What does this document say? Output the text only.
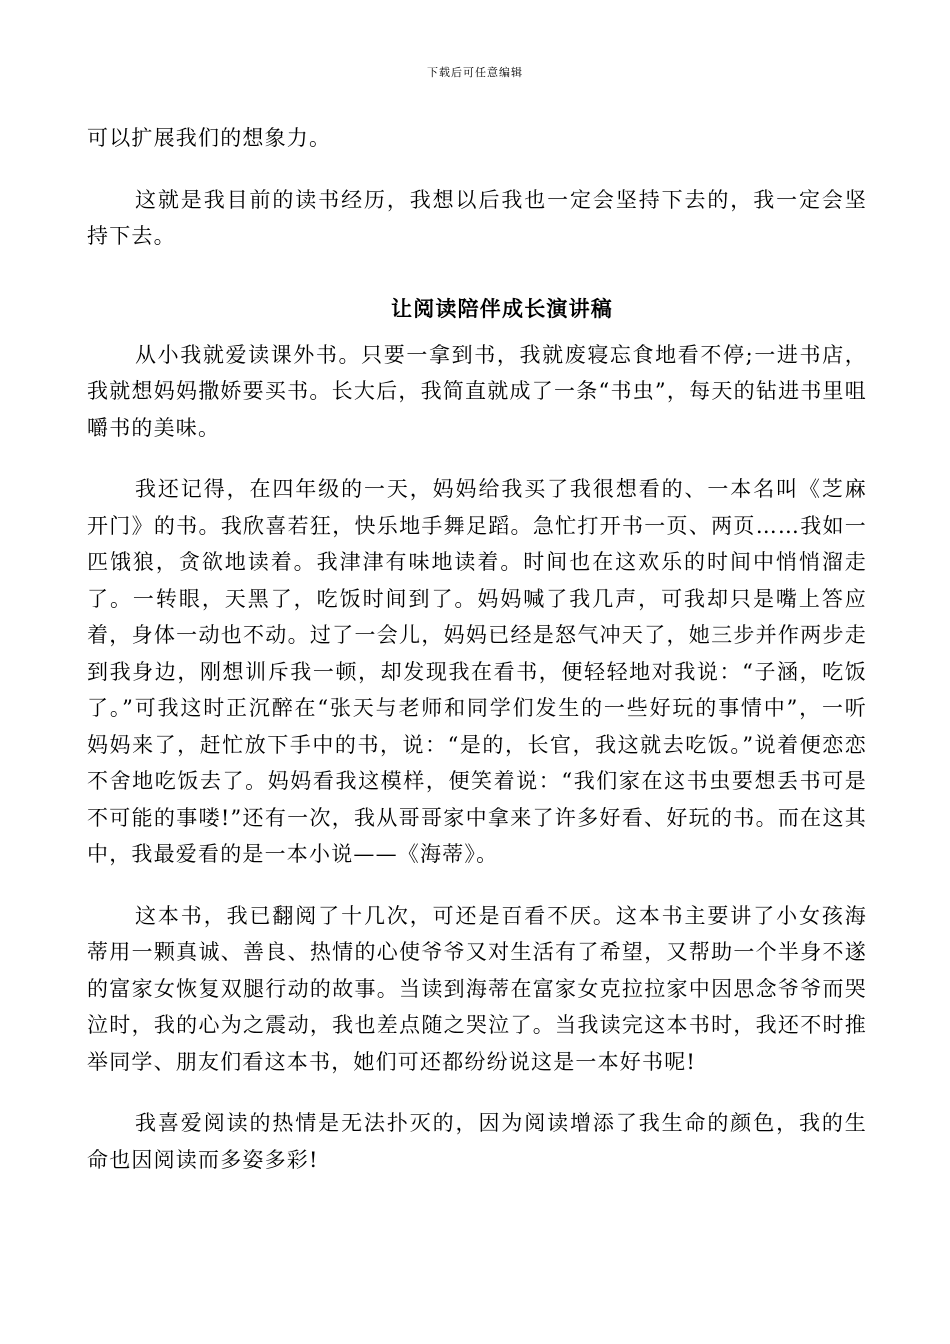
下载后可任意编辑

可以扩展我们的想象力。

这就是我目前的读书经历，我想以后我也一定会坚持下去的，我一定会坚持下去。

让阅读陪伴成长演讲稿

从小我就爱读课外书。只要一拿到书，我就废寝忘食地看不停;一进书店，我就想妈妈撒娇要买书。长大后，我简直就成了一条“书虫”，每天的钻进书里咀嚼书的美味。

我还记得，在四年级的一天，妈妈给我买了我很想看的、一本名叫《芝麻开门》的书。我欣喜若狂，快乐地手舞足蹈。急忙打开书一页、两页……我如一匹饿狼，贪欲地读着。我津津有味地读着。时间也在这欢乐的时间中悄悄溜走了。一转眼，天黑了，吃饭时间到了。妈妈喊了我几声，可我却只是嘴上答应着，身体一动也不动。过了一会儿，妈妈已经是怒气冲天了，她三步并作两步走到我身边，刚想训斥我一顿，却发现我在看书，便轻轻地对我说：“子涵，吃饭了。”可我这时正沉醉在“张天与老师和同学们发生的一些好玩的事情中”，一听妈妈来了，赶忙放下手中的书，说：“是的，长官，我这就去吃饭。”说着便恋恋不舍地吃饭去了。妈妈看我这模样，便笑着说：“我们家在这书虫要想丢书可是不可能的事喽!”还有一次，我从哥哥家中拿来了许多好看、好玩的书。而在这其中，我最爱看的是一本小说——《海蒂》。

这本书，我已翻阅了十几次，可还是百看不厌。这本书主要讲了小女孩海蒂用一颗真诚、善良、热情的心使爷爷又对生活有了希望，又帮助一个半身不遂的富家女恢复双腿行动的故事。当读到海蒂在富家女克拉拉家中因思念爷爷而哭泣时，我的心为之震动，我也差点随之哭泣了。当我读完这本书时，我还不时推举同学、朋友们看这本书，她们可还都纷纷说这是一本好书呢!

我喜爱阅读的热情是无法扑灭的，因为阅读增添了我生命的颜色，我的生命也因阅读而多姿多彩!
